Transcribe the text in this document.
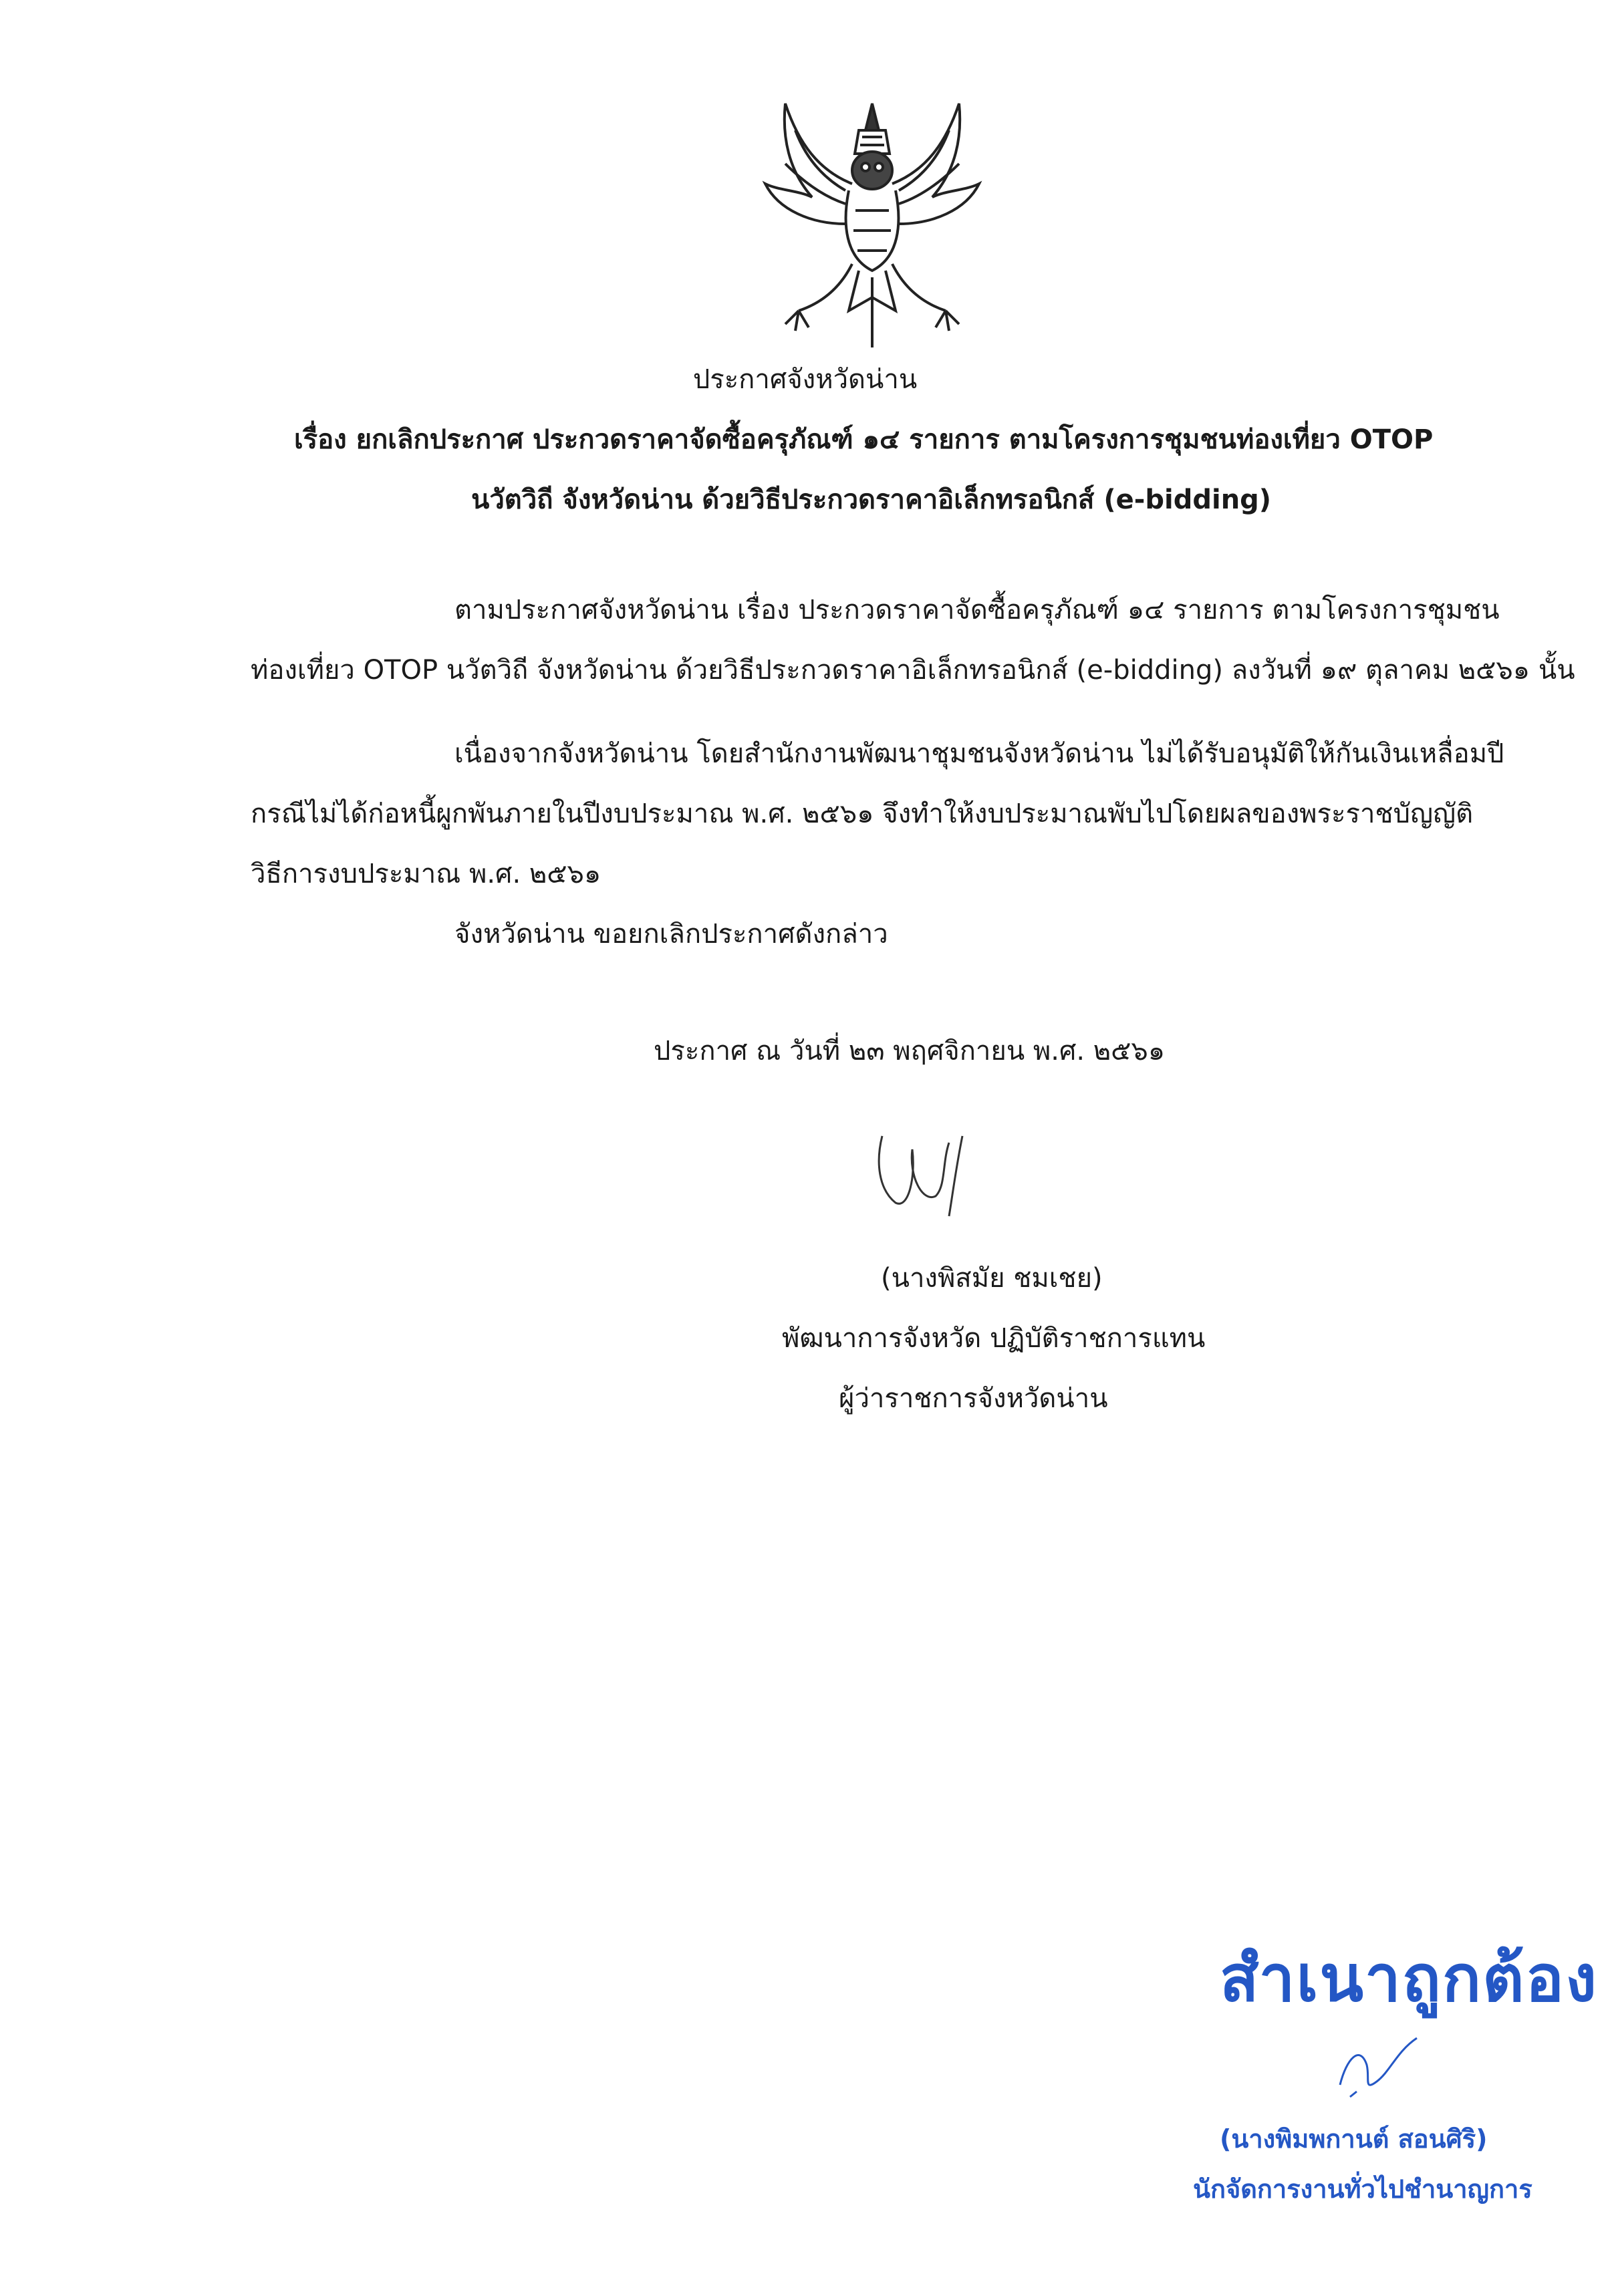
ประกาศจังหวัดน่าน
เรื่อง ยกเลิกประกาศ ประกวดราคาจัดซื้อครุภัณฑ์ ๑๔ รายการ ตามโครงการชุมชนท่องเที่ยว OTOP
นวัตวิถี จังหวัดน่าน ด้วยวิธีประกวดราคาอิเล็กทรอนิกส์ (e-bidding)
ตามประกาศจังหวัดน่าน เรื่อง ประกวดราคาจัดซื้อครุภัณฑ์ ๑๔ รายการ ตามโครงการชุมชน
ท่องเที่ยว OTOP นวัตวิถี จังหวัดน่าน ด้วยวิธีประกวดราคาอิเล็กทรอนิกส์ (e-bidding) ลงวันที่ ๑๙ ตุลาคม ๒๕๖๑ นั้น
เนื่องจากจังหวัดน่าน โดยสำนักงานพัฒนาชุมชนจังหวัดน่าน ไม่ได้รับอนุมัติให้กันเงินเหลื่อมปี
กรณีไม่ได้ก่อหนี้ผูกพันภายในปีงบประมาณ พ.ศ. ๒๕๖๑ จึงทำให้งบประมาณพับไปโดยผลของพระราชบัญญัติ
วิธีการงบประมาณ พ.ศ. ๒๕๖๑
จังหวัดน่าน ขอยกเลิกประกาศดังกล่าว
ประกาศ ณ วันที่ ๒๓ พฤศจิกายน พ.ศ. ๒๕๖๑
(นางพิสมัย ชมเชย)
พัฒนาการจังหวัด ปฏิบัติราชการแทน
ผู้ว่าราชการจังหวัดน่าน
สำเนาถูกต้อง
(นางพิมพกานต์ สอนศิริ)
นักจัดการงานทั่วไปชำนาญการ
